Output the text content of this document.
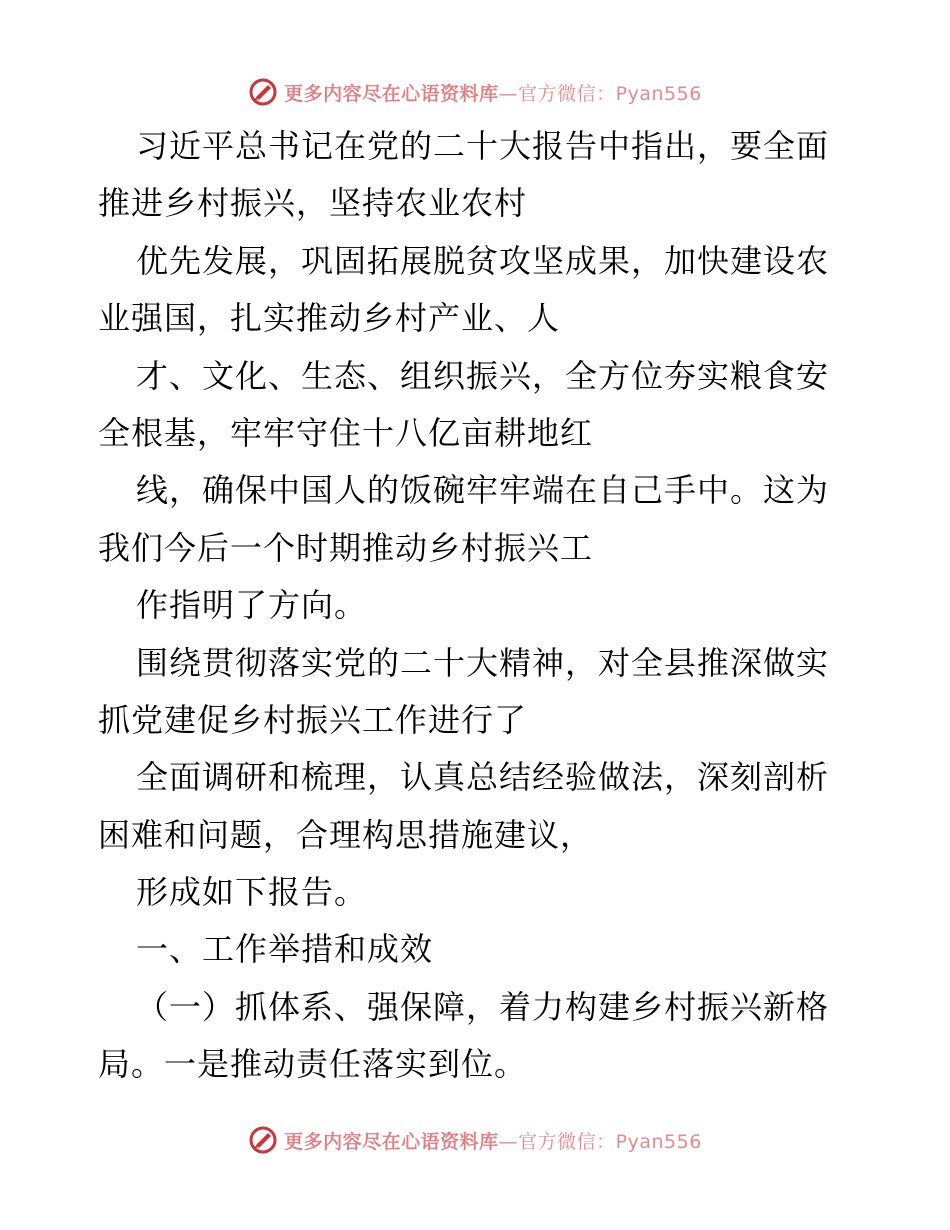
更多内容尽在心语资料库—官方微信：Pyan556
习近平总书记在党的二十大报告中指出，要全面
推进乡村振兴，坚持农业农村
优先发展，巩固拓展脱贫攻坚成果，加快建设农
业强国，扎实推动乡村产业、人
才、文化、生态、组织振兴，全方位夯实粮食安
全根基，牢牢守住十八亿亩耕地红
线，确保中国人的饭碗牢牢端在自己手中。这为
我们今后一个时期推动乡村振兴工
作指明了方向。
围绕贯彻落实党的二十大精神，对全县推深做实
抓党建促乡村振兴工作进行了
全面调研和梳理，认真总结经验做法，深刻剖析
困难和问题，合理构思措施建议，
形成如下报告。
一、工作举措和成效
（一）抓体系、强保障，着力构建乡村振兴新格
局。一是推动责任落实到位。
更多内容尽在心语资料库—官方微信：Pyan556
